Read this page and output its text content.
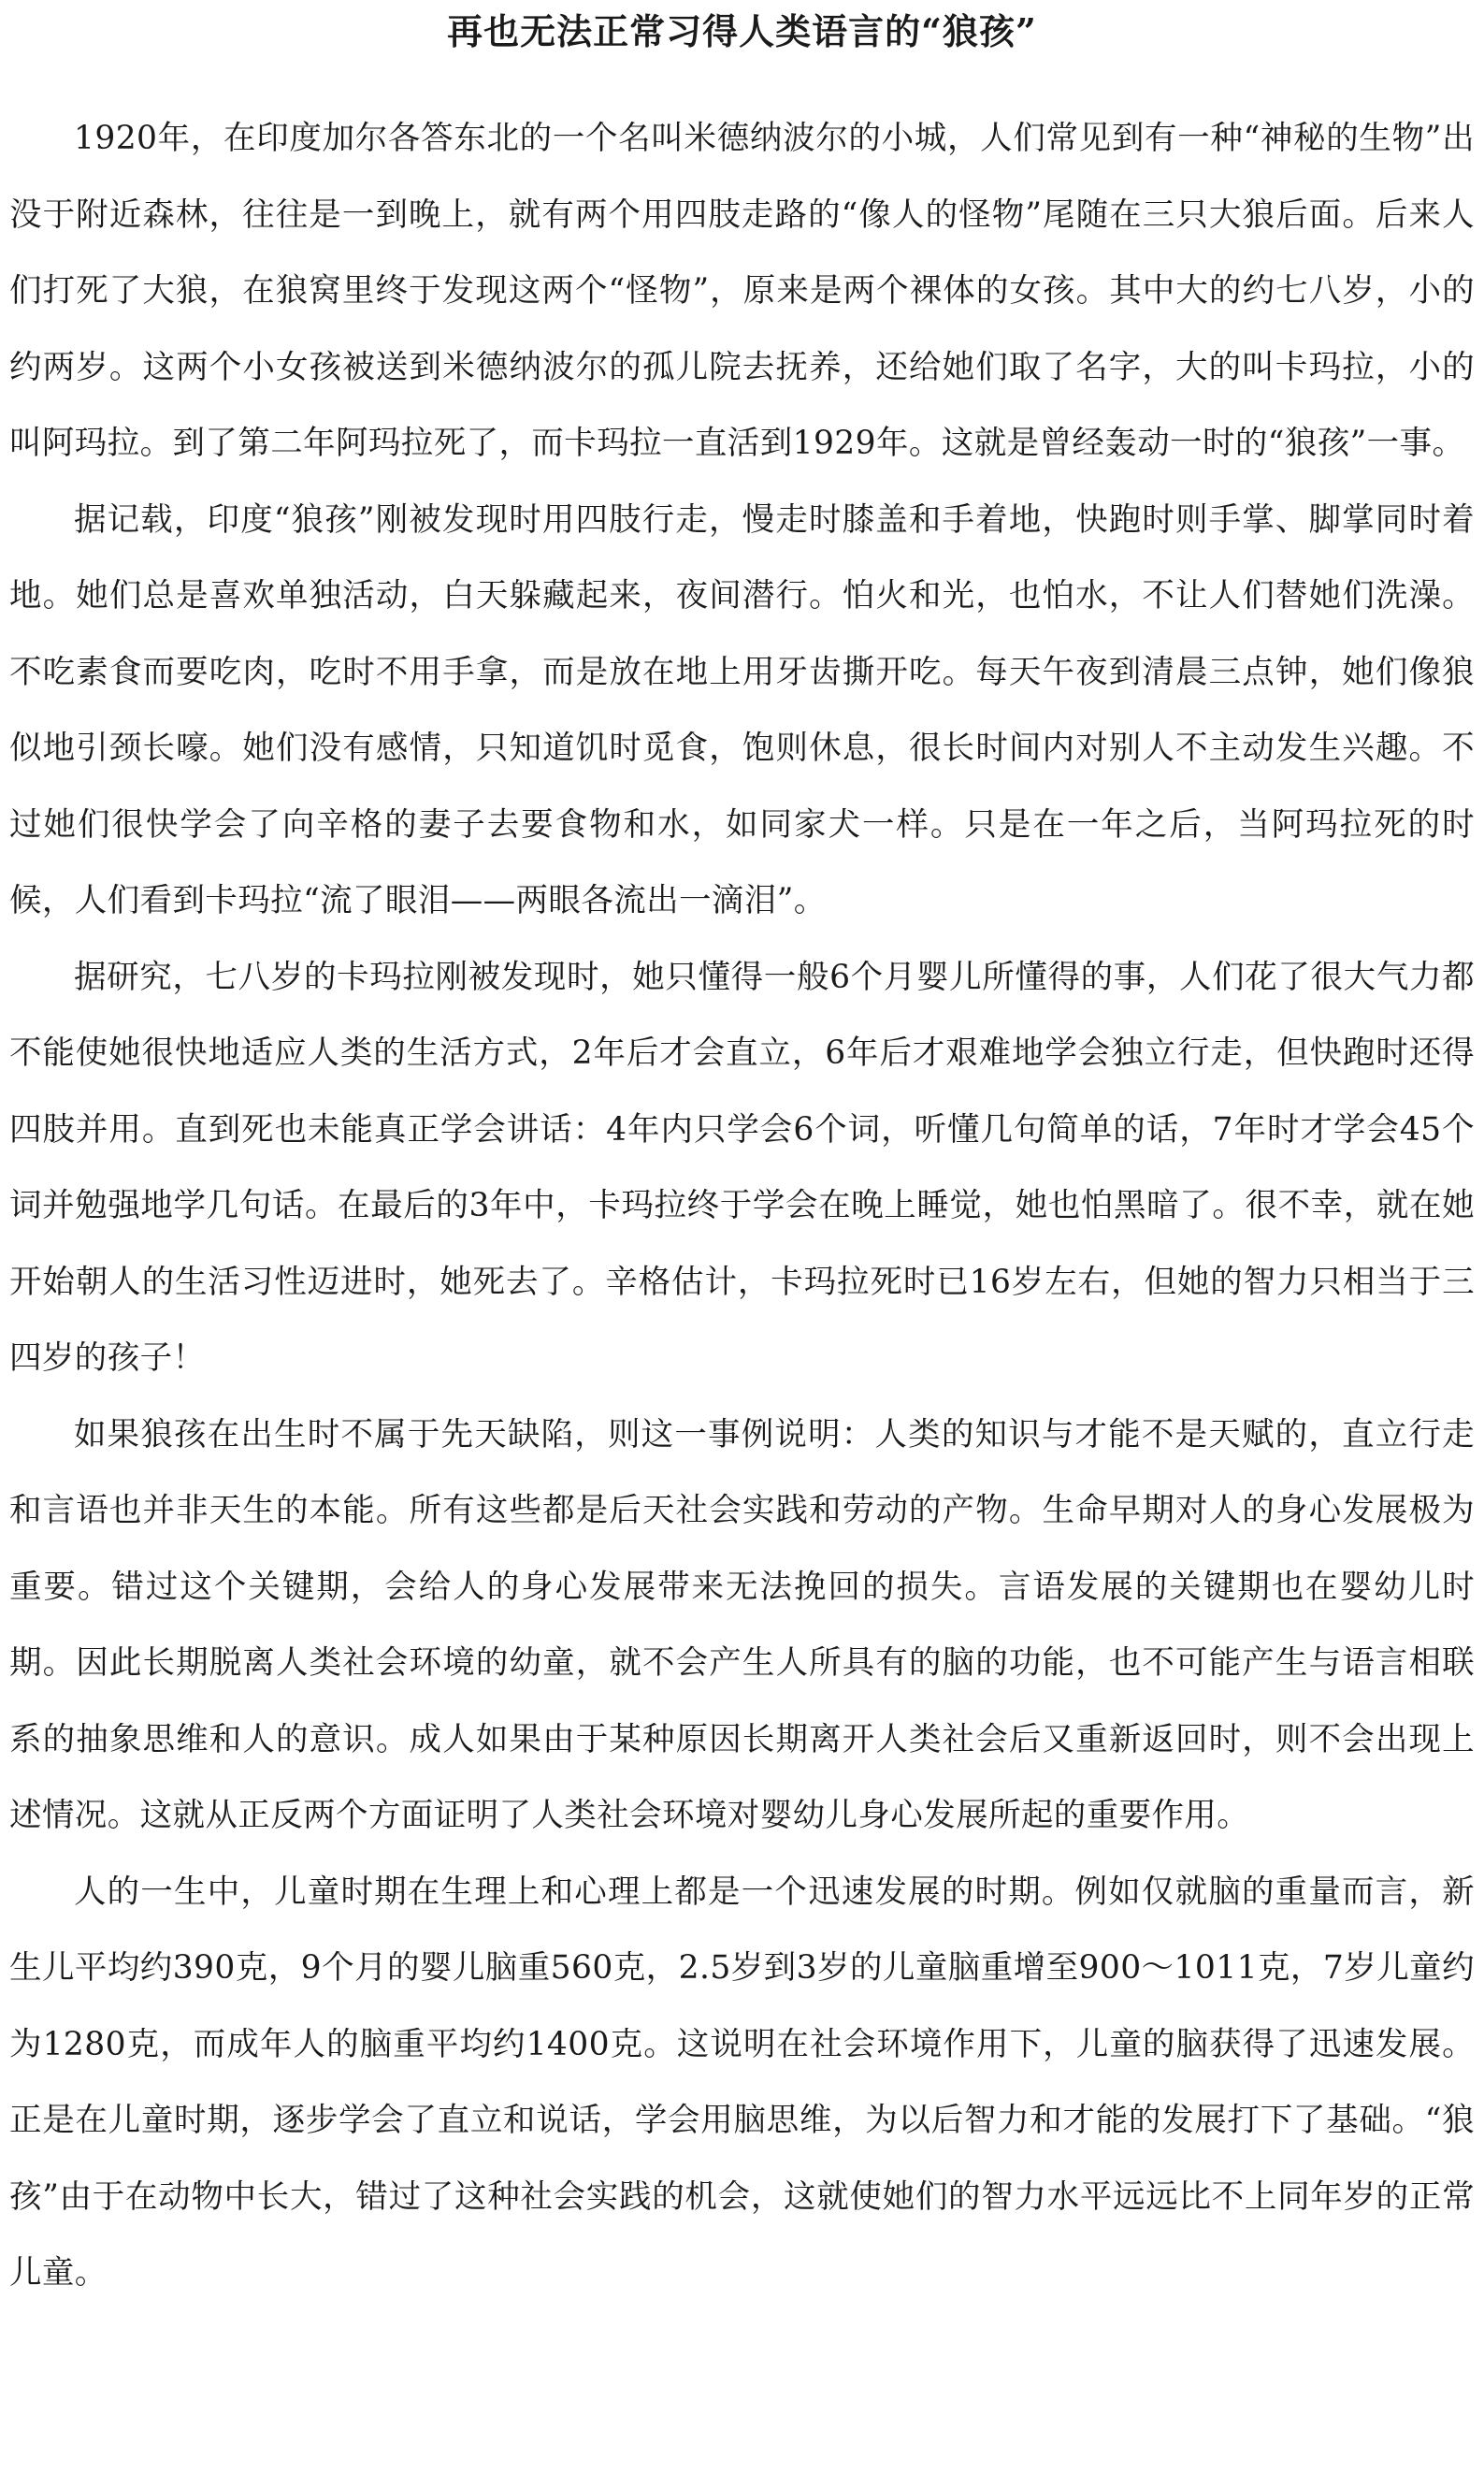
再也无法正常习得人类语言的“狼孩”

1920年，在印度加尔各答东北的一个名叫米德纳波尔的小城，人们常见到有一种“神秘的生物”出没于附近森林，往往是一到晚上，就有两个用四肢走路的“像人的怪物”尾随在三只大狼后面。后来人们打死了大狼，在狼窝里终于发现这两个“怪物”，原来是两个裸体的女孩。其中大的约七八岁，小的约两岁。这两个小女孩被送到米德纳波尔的孤儿院去抚养，还给她们取了名字，大的叫卡玛拉，小的叫阿玛拉。到了第二年阿玛拉死了，而卡玛拉一直活到1929年。这就是曾经轰动一时的“狼孩”一事。

据记载，印度“狼孩”刚被发现时用四肢行走，慢走时膝盖和手着地，快跑时则手掌、脚掌同时着地。她们总是喜欢单独活动，白天躲藏起来，夜间潜行。怕火和光，也怕水，不让人们替她们洗澡。不吃素食而要吃肉，吃时不用手拿，而是放在地上用牙齿撕开吃。每天午夜到清晨三点钟，她们像狼似地引颈长嚎。她们没有感情，只知道饥时觅食，饱则休息，很长时间内对别人不主动发生兴趣。不过她们很快学会了向辛格的妻子去要食物和水，如同家犬一样。只是在一年之后，当阿玛拉死的时候，人们看到卡玛拉“流了眼泪——两眼各流出一滴泪”。

据研究，七八岁的卡玛拉刚被发现时，她只懂得一般6个月婴儿所懂得的事，人们花了很大气力都不能使她很快地适应人类的生活方式，2年后才会直立，6年后才艰难地学会独立行走，但快跑时还得四肢并用。直到死也未能真正学会讲话：4年内只学会6个词，听懂几句简单的话，7年时才学会45个词并勉强地学几句话。在最后的3年中，卡玛拉终于学会在晚上睡觉，她也怕黑暗了。很不幸，就在她开始朝人的生活习性迈进时，她死去了。辛格估计，卡玛拉死时已16岁左右，但她的智力只相当于三四岁的孩子！

如果狼孩在出生时不属于先天缺陷，则这一事例说明：人类的知识与才能不是天赋的，直立行走和言语也并非天生的本能。所有这些都是后天社会实践和劳动的产物。生命早期对人的身心发展极为重要。错过这个关键期，会给人的身心发展带来无法挽回的损失。言语发展的关键期也在婴幼儿时期。因此长期脱离人类社会环境的幼童，就不会产生人所具有的脑的功能，也不可能产生与语言相联系的抽象思维和人的意识。成人如果由于某种原因长期离开人类社会后又重新返回时，则不会出现上述情况。这就从正反两个方面证明了人类社会环境对婴幼儿身心发展所起的重要作用。

人的一生中，儿童时期在生理上和心理上都是一个迅速发展的时期。例如仅就脑的重量而言，新生儿平均约390克，9个月的婴儿脑重560克，2.5岁到3岁的儿童脑重增至900～1011克，7岁儿童约为1280克，而成年人的脑重平均约1400克。这说明在社会环境作用下，儿童的脑获得了迅速发展。正是在儿童时期，逐步学会了直立和说话，学会用脑思维，为以后智力和才能的发展打下了基础。“狼孩”由于在动物中长大，错过了这种社会实践的机会，这就使她们的智力水平远远比不上同年岁的正常儿童。
